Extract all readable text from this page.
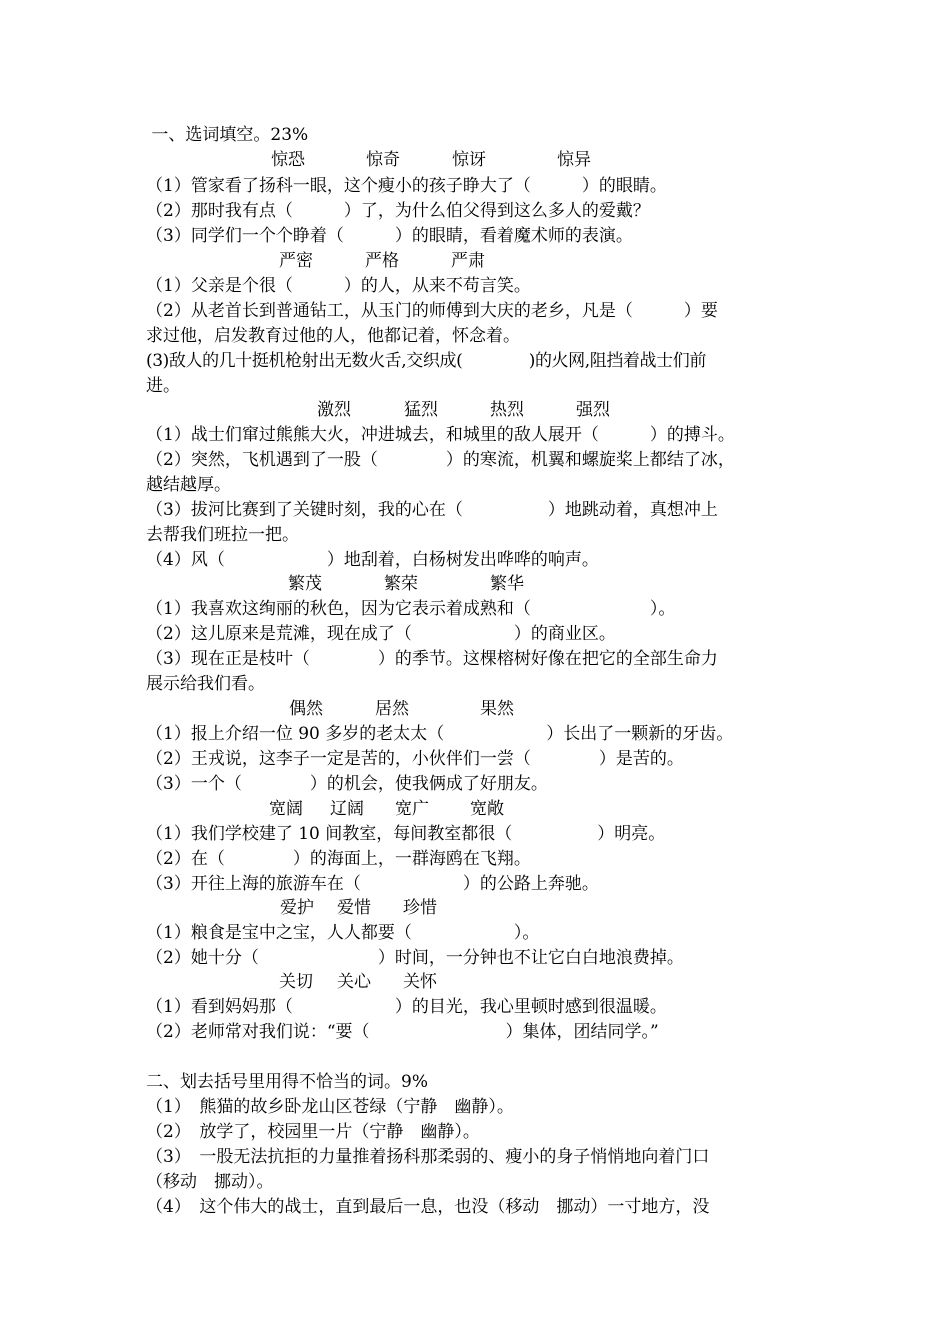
一、选词填空。23%

惊恐

	惊奇

	惊讶

	惊异

（1）管家看了扬科一眼，这个瘦小的孩子睁大了（　　　）的眼睛。
（2）那时我有点（　　　）了，为什么伯父得到这么多人的爱戴？
（3）同学们一个个睁着（　　　）的眼睛，看着魔术师的表演。

严密

	严格

	严肃

（1）父亲是个很（　　　）的人，从来不苟言笑。
（2）从老首长到普通钻工，从玉门的师傅到大庆的老乡，凡是（　　　）要
求过他，启发教育过他的人，他都记着，怀念着。
(3)敌人的几十挺机枪射出无数火舌,交织成(　　　　)的火网,阻挡着战士们前
进。

激烈

	猛烈

	热烈

	强烈

（1）战士们窜过熊熊大火，冲进城去，和城里的敌人展开（　　　）的搏斗。
（2）突然，飞机遇到了一股（　　　　）的寒流，机翼和螺旋桨上都结了冰，
越结越厚。
（3）拔河比赛到了关键时刻，我的心在（　　　　　）地跳动着，真想冲上
去帮我们班拉一把。
（4）风（　　　　　　）地刮着，白杨树发出哗哗的响声。

繁茂

	繁荣

	繁华

（1）我喜欢这绚丽的秋色，因为它表示着成熟和（　　　　　　　）。
（2）这儿原来是荒滩，现在成了（　　　　　　）的商业区。
（3）现在正是枝叶（　　　　）的季节。这棵榕树好像在把它的全部生命力
展示给我们看。

偶然

	居然

	果然

（1）报上介绍一位 90 多岁的老太太（　　　　　　）长出了一颗新的牙齿。
（2）王戎说，这李子一定是苦的，小伙伴们一尝（　　　　）是苦的。
（3）一个（　　　　）的机会，使我俩成了好朋友。

宽阔

辽阔

宽广

宽敞

（1）我们学校建了 10 间教室，每间教室都很（　　　　　）明亮。
（2）在（　　　　）的海面上，一群海鸥在飞翔。
（3）开往上海的旅游车在（　　　　　　）的公路上奔驰。

爱护

爱惜

珍惜

（1）粮食是宝中之宝，人人都要（　　　　　　）。
（2）她十分（　　　　　　　）时间，一分钟也不让它白白地浪费掉。

关切

关心

关怀

（1）看到妈妈那（　　　　　　）的目光，我心里顿时感到很温暖。
（2）老师常对我们说：“要（　　　　　　　　）集体，团结同学。”
二、划去括号里用得不恰当的词。9%
（1）　熊猫的故乡卧龙山区苍绿（宁静　幽静）。
（2）　放学了，校园里一片（宁静　幽静）。
（3）　一股无法抗拒的力量推着扬科那柔弱的、瘦小的身子悄悄地向着门口
（移动　挪动）。
（4）　这个伟大的战士，直到最后一息，也没（移动　挪动）一寸地方，没
